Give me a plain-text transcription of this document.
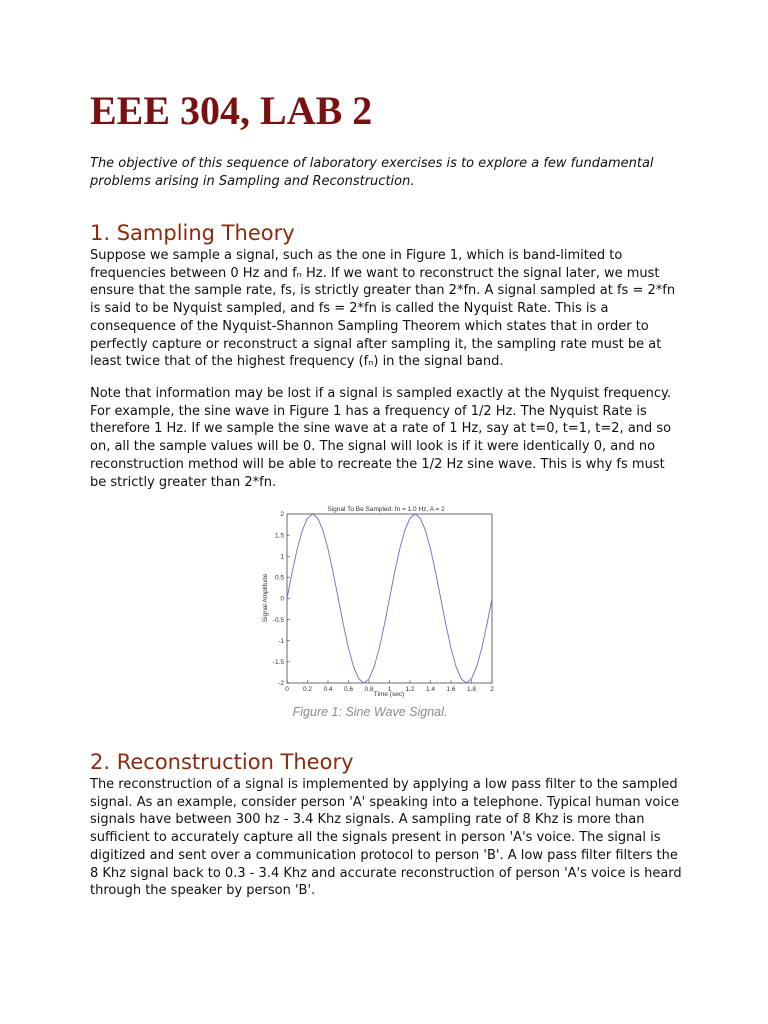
EEE 304, LAB 2

The objective of this sequence of laboratory exercises is to explore a few fundamental problems arising in Sampling and Reconstruction.

1. Sampling Theory

Suppose we sample a signal, such as the one in Figure 1, which is band-limited to frequencies between 0 Hz and fₙ Hz. If we want to reconstruct the signal later, we must ensure that the sample rate, fs, is strictly greater than 2*fn. A signal sampled at fs = 2*fn is said to be Nyquist sampled, and fs = 2*fn is called the Nyquist Rate. This is a consequence of the Nyquist-Shannon Sampling Theorem which states that in order to perfectly capture or reconstruct a signal after sampling it, the sampling rate must be at least twice that of the highest frequency (fₙ) in the signal band.

Note that information may be lost if a signal is sampled exactly at the Nyquist frequency. For example, the sine wave in Figure 1 has a frequency of 1/2 Hz. The Nyquist Rate is therefore 1 Hz. If we sample the sine wave at a rate of 1 Hz, say at t=0, t=1, t=2, and so on, all the sample values will be 0. The signal will look is if it were identically 0, and no reconstruction method will be able to recreate the 1/2 Hz sine wave. This is why fs must be strictly greater than 2*fn.

Signal To Be Sampled: fn = 1.0 Hz, A = 2
0 0.2 0.4 0.6 0.8 1 1.2 1.4 1.6 1.8 2
2
1.5
1
0.5
0
-0.5
-1
-1.5
-2
Time (sec)
Signal Amplitude

Figure 1: Sine Wave Signal.

2. Reconstruction Theory

The reconstruction of a signal is implemented by applying a low pass filter to the sampled signal. As an example, consider person 'A' speaking into a telephone. Typical human voice signals have between 300 hz - 3.4 Khz signals. A sampling rate of 8 Khz is more than sufficient to accurately capture all the signals present in person 'A's voice. The signal is digitized and sent over a communication protocol to person 'B'. A low pass filter filters the 8 Khz signal back to 0.3 - 3.4 Khz and accurate reconstruction of person 'A's voice is heard through the speaker by person 'B'.
